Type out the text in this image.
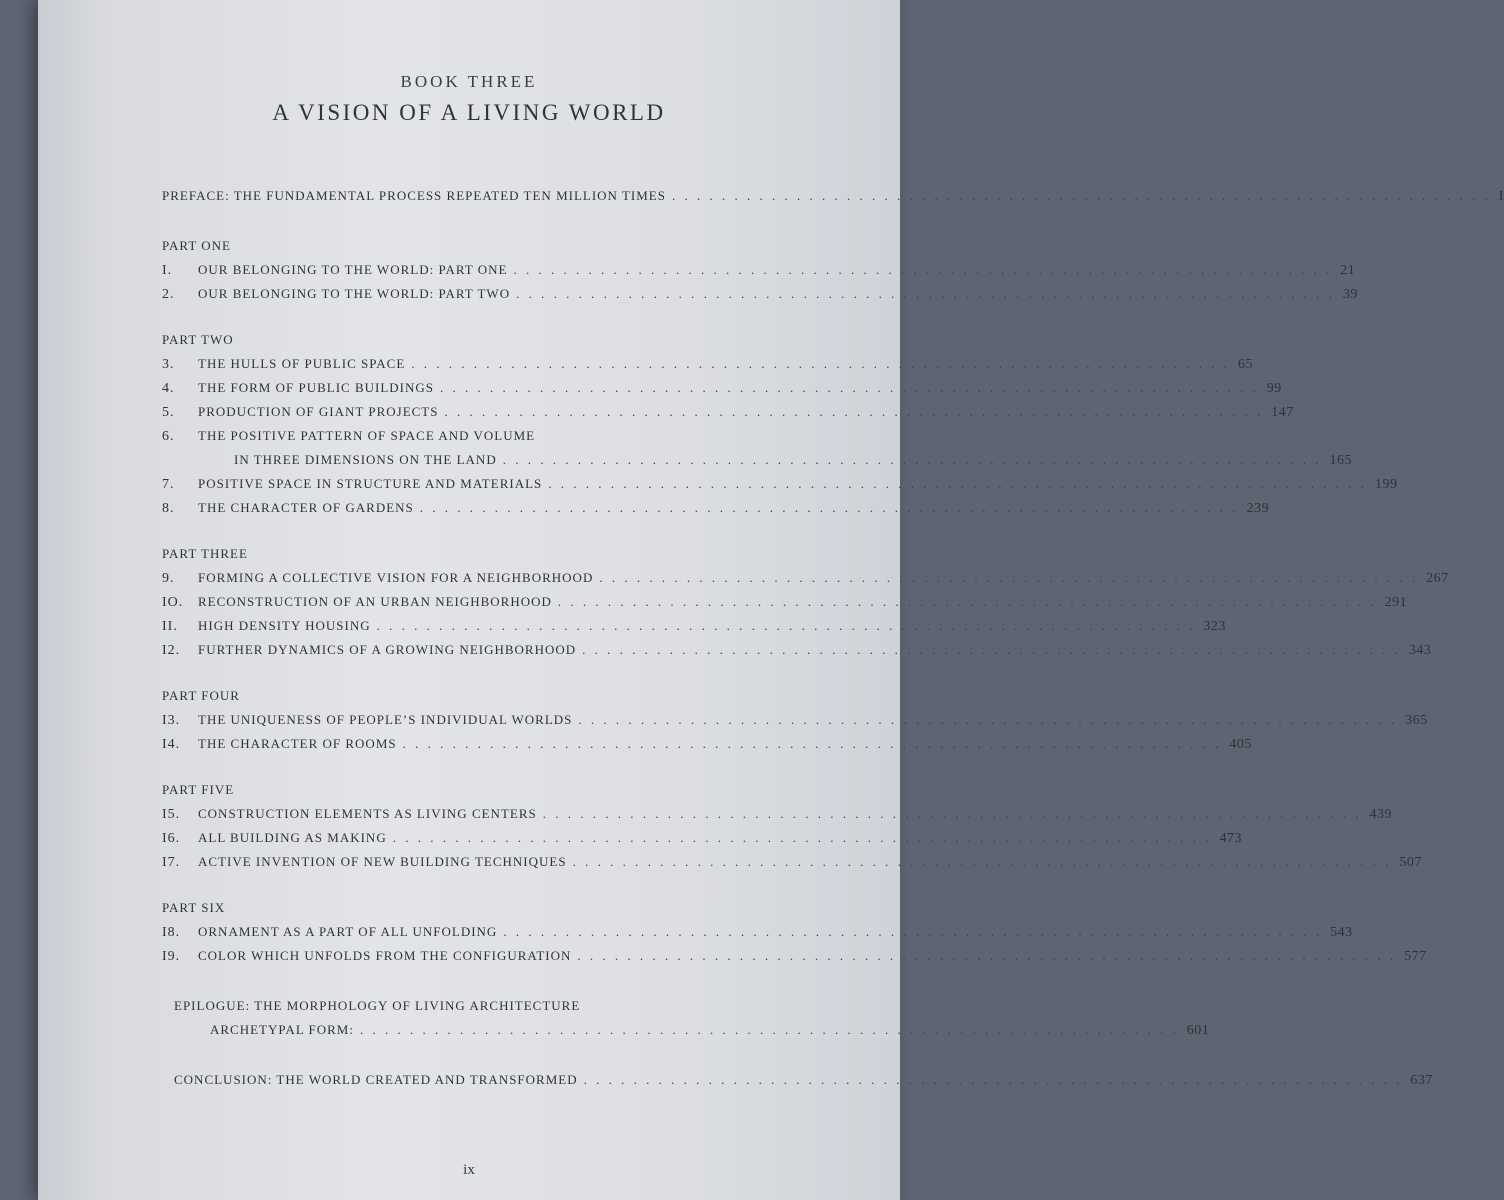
BOOK THREE
A VISION OF A LIVING WORLD
PREFACE: THE FUNDAMENTAL PROCESS REPEATED TEN MILLION TIMES . . .	I
PART ONE
I.	OUR BELONGING TO THE WORLD: PART ONE . . .	21
2.	OUR BELONGING TO THE WORLD: PART TWO . . .	39
PART TWO
3.	THE HULLS OF PUBLIC SPACE . . .	65
4.	THE FORM OF PUBLIC BUILDINGS . . .	99
5.	PRODUCTION OF GIANT PROJECTS . . .	147
6.	THE POSITIVE PATTERN OF SPACE AND VOLUME
IN THREE DIMENSIONS ON THE LAND . . .	165
7.	POSITIVE SPACE IN STRUCTURE AND MATERIALS . . .	199
8.	THE CHARACTER OF GARDENS . . .	239
PART THREE
9.	FORMING A COLLECTIVE VISION FOR A NEIGHBORHOOD . . .	267
IO.	RECONSTRUCTION OF AN URBAN NEIGHBORHOOD . . .	291
II.	HIGH DENSITY HOUSING . . .	323
I2.	FURTHER DYNAMICS OF A GROWING NEIGHBORHOOD . . .	343
PART FOUR
I3.	THE UNIQUENESS OF PEOPLE’S INDIVIDUAL WORLDS . . .	365
I4.	THE CHARACTER OF ROOMS . . .	405
PART FIVE
I5.	CONSTRUCTION ELEMENTS AS LIVING CENTERS . . .	439
I6.	ALL BUILDING AS MAKING . . .	473
I7.	ACTIVE INVENTION OF NEW BUILDING TECHNIQUES . . .	507
PART SIX
I8.	ORNAMENT AS A PART OF ALL UNFOLDING . . .	543
I9.	COLOR WHICH UNFOLDS FROM THE CONFIGURATION . . .	577
EPILOGUE: THE MORPHOLOGY OF LIVING ARCHITECTURE
ARCHETYPAL FORM: . . .	601
CONCLUSION: THE WORLD CREATED AND TRANSFORMED . . .	637
ix
